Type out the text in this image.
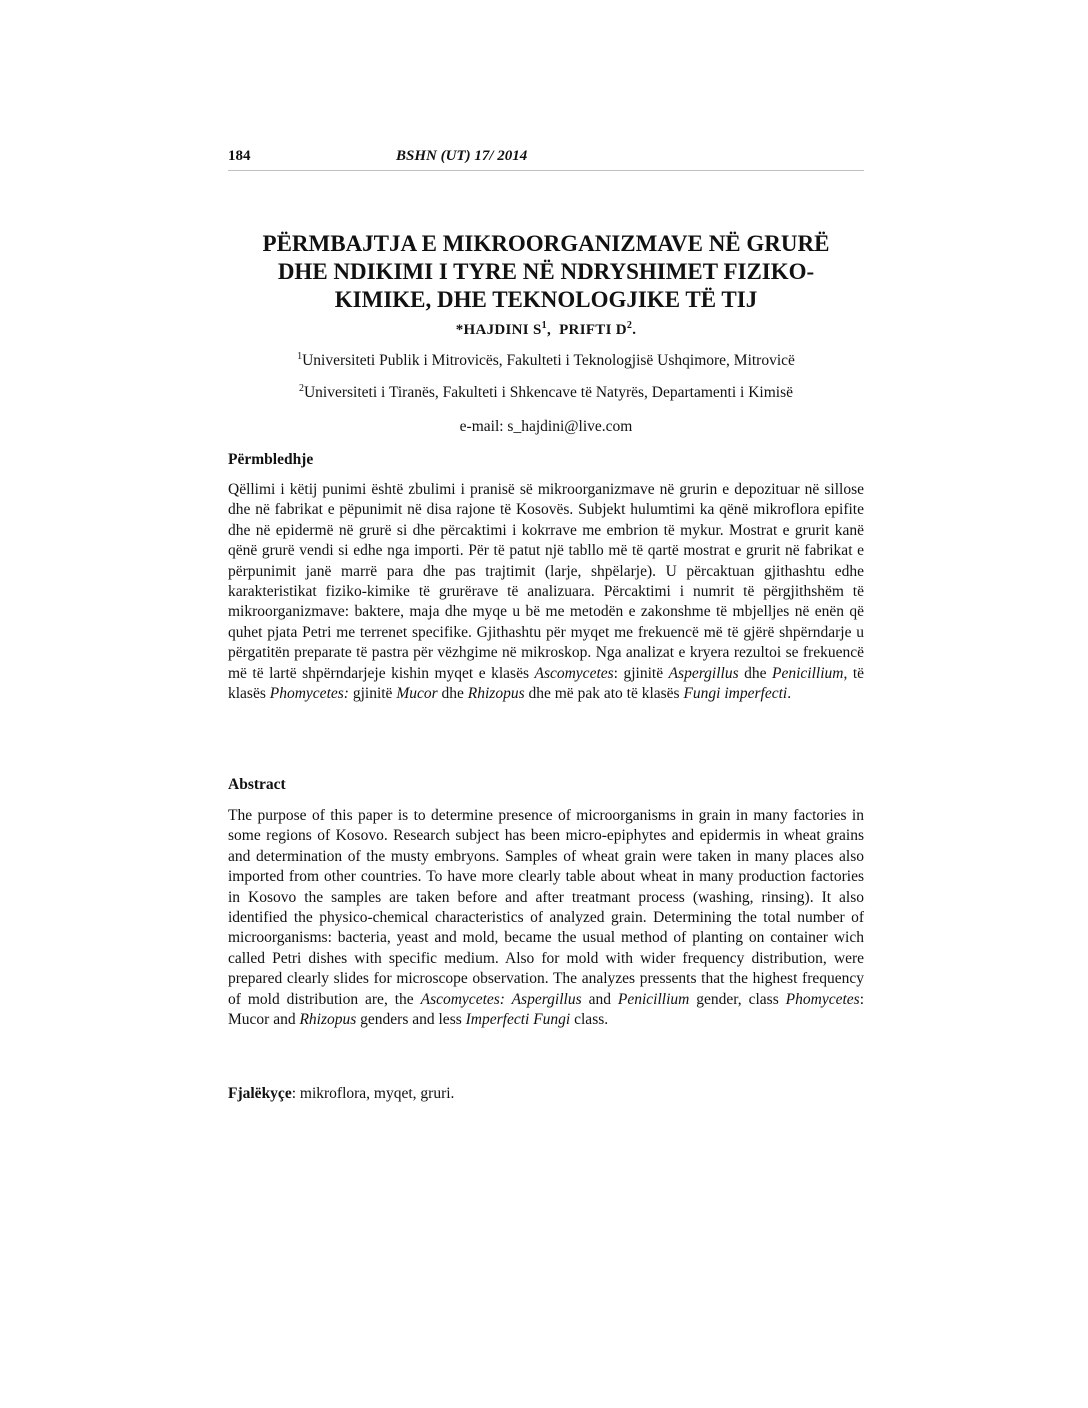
184	BSHN (UT) 17/ 2014
PËRMBAJTJA E MIKROORGANIZMAVE NË GRURË
DHE NDIKIMI I TYRE NË NDRYSHIMET FIZIKO-
KIMIKE, DHE TEKNOLOGJIKE TË TIJ
*HAJDINI $S^1$,  PRIFTI $D^2$.
$^1$Universiteti Publik i Mitrovicës, Fakulteti i Teknologjisë Ushqimore, Mitrovicë
$^2$Universiteti i Tiranës, Fakulteti i Shkencave të Natyrës, Departamenti i Kimisë
e-mail: s_hajdini@live.com
Përmbledhje

Qëllimi i këtij punimi është zbulimi i pranisë së mikroorganizmave në grurin e depozituar në sillose dhe në fabrikat e pëpunimit në disa rajone të Kosovës. Subjekt hulumtimi ka qënë mikroflora epifite dhe në epidermë në grurë si dhe përcaktimi i kokrrave me embrion të mykur. Mostrat e grurit kanë qënë grurë vendi si edhe nga importi. Për të patut një tabllo më të qartë mostrat e grurit në fabrikat e përpunimit janë marrë para dhe pas trajtimit (larje, shpëlarje). U përcaktuan gjithashtu edhe karakteristikat fiziko-kimike të grurërave të analizuara. Përcaktimi i numrit të përgjithshëm të mikroorganizmave: baktere, maja dhe myqe u bë me metodën e zakonshme të mbjelljes në enën që quhet pjata Petri me terrenet specifike. Gjithashtu për myqet me frekuencë më të gjërë shpërndarje u përgatitën preparate të pastra për vëzhgime në mikroskop. Nga analizat e kryera rezultoi se frekuencë më të lartë shpërndarjeje kishin myqet e klasës Ascomycetes: gjinitë Aspergillus dhe Penicillium, të klasës Phomycetes: gjinitë Mucor dhe Rhizopus dhe më pak ato të klasës Fungi imperfecti.

Abstract

The purpose of this paper is to determine presence of microorganisms in grain in many factories in some regions of Kosovo. Research subject has been micro-epiphytes and epidermis in wheat grains and determination of the musty embryons. Samples of wheat grain were taken in many places also imported from other countries. To have more clearly table about wheat in many production factories in Kosovo the samples are taken before and after treatmant process (washing, rinsing). It also identified the physico-chemical characteristics of analyzed grain. Determining the total number of microorganisms: bacteria, yeast and mold, became the usual method of planting on container wich called Petri dishes with specific medium. Also for mold with wider frequency distribution, were prepared clearly slides for microscope observation. The analyzes pressents that the highest frequency of mold distribution are, the Ascomycetes: Aspergillus and Penicillium gender, class Phomycetes: Mucor and Rhizopus genders and less Imperfecti Fungi class.

Fjalëkyçe: mikroflora, myqet, gruri.
